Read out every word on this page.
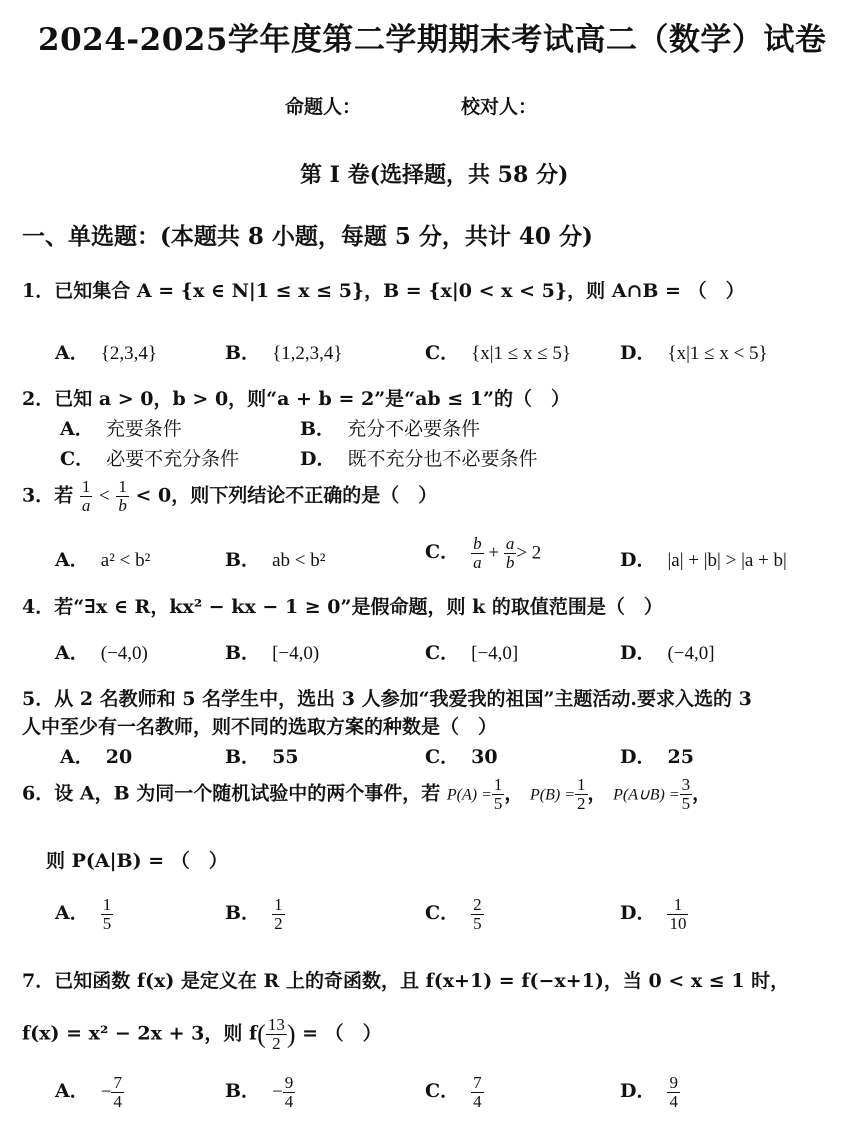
2024-2025学年度第二学期期末考试高二（数学）试卷
命题人：	校对人：
第 I 卷(选择题，共 58 分)
一、单选题：(本题共 8 小题，每题 5 分，共计 40 分)
1．已知集合 A = {x ∈ N|1 ≤ x ≤ 5}，B = {x|0 < x < 5}，则 A∩B = （　）
A． {2,3,4}	B． {1,2,3,4}	C． {x|1 ≤ x ≤ 5}	D． {x|1 ≤ x < 5}
2．已知 a > 0，b > 0，则“a + b = 2”是“ab ≤ 1”的（　）
A． 充要条件	B． 充分不必要条件
C． 必要不充分条件	D． 既不充分也不必要条件
3．若 $\frac{1}{a} < \frac{1}{b} < 0$，则下列结论不正确的是（　）
A． a² < b²	B． ab < b²	C． $\frac{b}{a} + \frac{a}{b} > 2$	D． |a| + |b| > |a + b|
4．若“∃x ∈ R，kx² − kx − 1 ≥ 0”是假命题，则 k 的取值范围是（　）
A． (−4,0)	B． [−4,0)	C． [−4,0]	D． (−4,0]
5．从 2 名教师和 5 名学生中，选出 3 人参加“我爱我的祖国”主题活动.要求入选的 3
人中至少有一名教师，则不同的选取方案的种数是（　）
A． 20	B． 55	C． 30	D． 25
6．设 A，B 为同一个随机试验中的两个事件，若 $P(A) = \frac{1}{5}$ ， $P(B) = \frac{1}{2}$ ， P(A∪B) = $\frac{3}{5}$ ，
则 P(A|B) = （　）
A． $\frac{1}{5}$	B． $\frac{1}{2}$	C． $\frac{2}{5}$	D． $\frac{1}{10}$
7．已知函数 f(x) 是定义在 R 上的奇函数，且 f(x+1) = f(−x+1)，当 0 < x ≤ 1 时，
f(x) = x² − 2x + 3，则 $f( \frac{13}{2}$ ) = （　）
A． − $\frac{7}{4}$	B． − $\frac{9}{4}$	C． $\frac{7}{4}$	D． $\frac{9}{4}$
